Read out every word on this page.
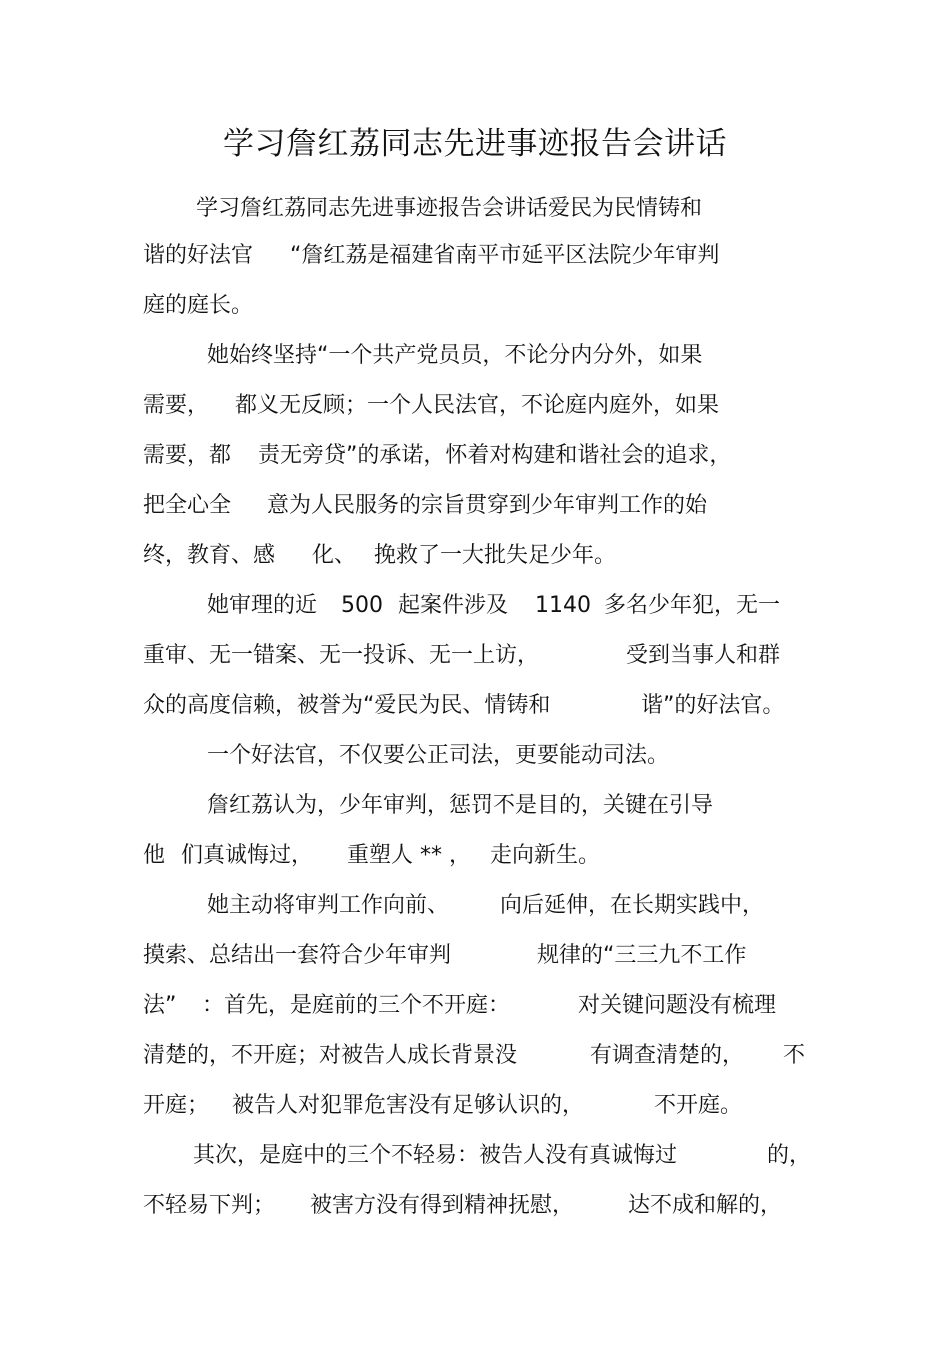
学习詹红荔同志先进事迹报告会讲话
学习詹红荔同志先进事迹报告会讲话爱民为民情铸和
谐的好法官 “詹红荔是福建省南平市延平区法院少年审判
庭的庭长。
她始终坚持“一个共产党员员，不论分内分外，如果
需要， 都义无反顾；一个人民法官，不论庭内庭外，如果
需要，都 责无旁贷”的承诺，怀着对构建和谐社会的追求，
把全心全 意为人民服务的宗旨贯穿到少年审判工作的始
终，教育、感 化、 挽救了一大批失足少年。
她审理的近 500 起案件涉及 1140 多名少年犯，无一
重审、无一错案、无一投诉、无一上访，	受到当事人和群
众的高度信赖，被誉为“爱民为民、情铸和	谐”的好法官。
一个好法官，不仅要公正司法，更要能动司法。
詹红荔认为，少年审判，惩罚不是目的，关键在引导
他 们真诚悔过， 重塑人 ** ， 走向新生。
她主动将审判工作向前、 向后延伸，在长期实践中，
摸索、总结出一套符合少年审判	规律的“三三九不工作
法” ：首先，是庭前的三个不开庭：	对关键问题没有梳理
清楚的，不开庭；对被告人成长背景没	有调查清楚的， 不
开庭； 被告人对犯罪危害没有足够认识的，	不开庭。
其次，是庭中的三个不轻易：被告人没有真诚悔过	的，
不轻易下判； 被害方没有得到精神抚慰， 达不成和解的，
